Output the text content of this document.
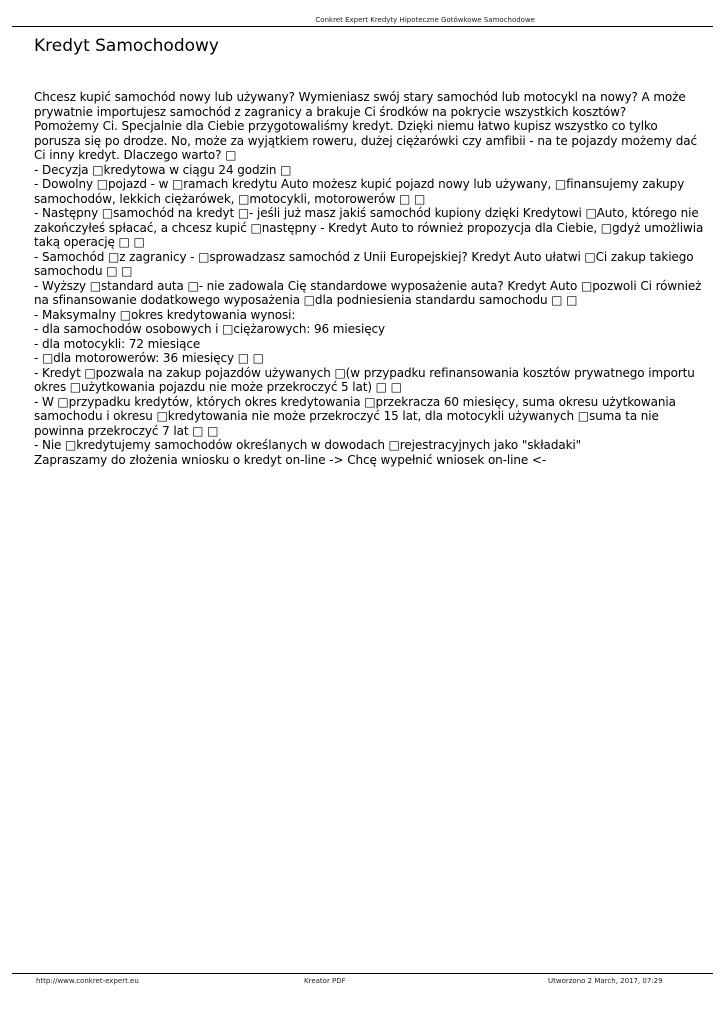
Conkret Expert Kredyty Hipoteczne Gotówkowe Samochodowe
Kredyt Samochodowy

Chcesz kupić samochód nowy lub używany? Wymieniasz swój stary samochód lub motocykl na nowy? A może prywatnie importujesz samochód z zagranicy a brakuje Ci środków na pokrycie wszystkich kosztów?

Pomożemy Ci. Specjalnie dla Ciebie przygotowaliśmy kredyt. Dzięki niemu łatwo kupisz wszystko co tylko porusza się po drodze. No, może za wyjątkiem roweru, dużej ciężarówki czy amfibii - na te pojazdy możemy dać Ci inny kredyt. Dlaczego warto? □

- Decyzja □kredytowa w ciągu 24 godzin □

- Dowolny □pojazd - w □ramach kredytu Auto możesz kupić pojazd nowy lub używany, □finansujemy zakupy samochodów, lekkich ciężarówek, □motocykli, motorowerów □ □

- Następny □samochód na kredyt □- jeśli już masz jakiś samochód kupiony dzięki Kredytowi □Auto, którego nie zakończyłeś spłacać, a chcesz kupić □następny - Kredyt Auto to również propozycja dla Ciebie, □gdyż umożliwia taką operację □ □

- Samochód □z zagranicy - □sprowadzasz samochód z Unii Europejskiej? Kredyt Auto ułatwi □Ci zakup takiego samochodu □ □

- Wyższy □standard auta □- nie zadowala Cię standardowe wyposażenie auta? Kredyt Auto □pozwoli Ci również na sfinansowanie dodatkowego wyposażenia □dla podniesienia standardu samochodu □ □

- Maksymalny □okres kredytowania wynosi:

- dla samochodów osobowych i □ciężarowych: 96 miesięcy

- dla motocykli: 72 miesiące

- □dla motorowerów: 36 miesięcy □ □

- Kredyt □pozwala na zakup pojazdów używanych □(w przypadku refinansowania kosztów prywatnego importu okres □użytkowania pojazdu nie może przekroczyć 5 lat) □ □

- W □przypadku kredytów, których okres kredytowania □przekracza 60 miesięcy, suma okresu użytkowania samochodu i okresu □kredytowania nie może przekroczyć 15 lat, dla motocykli używanych □suma ta nie powinna przekroczyć 7 lat □ □

- Nie □kredytujemy samochodów określanych w dowodach □rejestracyjnych jako "składaki"

Zapraszamy do złożenia wniosku o kredyt on-line -> Chcę wypełnić wniosek on-line <-

http://www.conkret-expert.eu	Kreator PDF	Utworzono 2 March, 2017, 07:29
